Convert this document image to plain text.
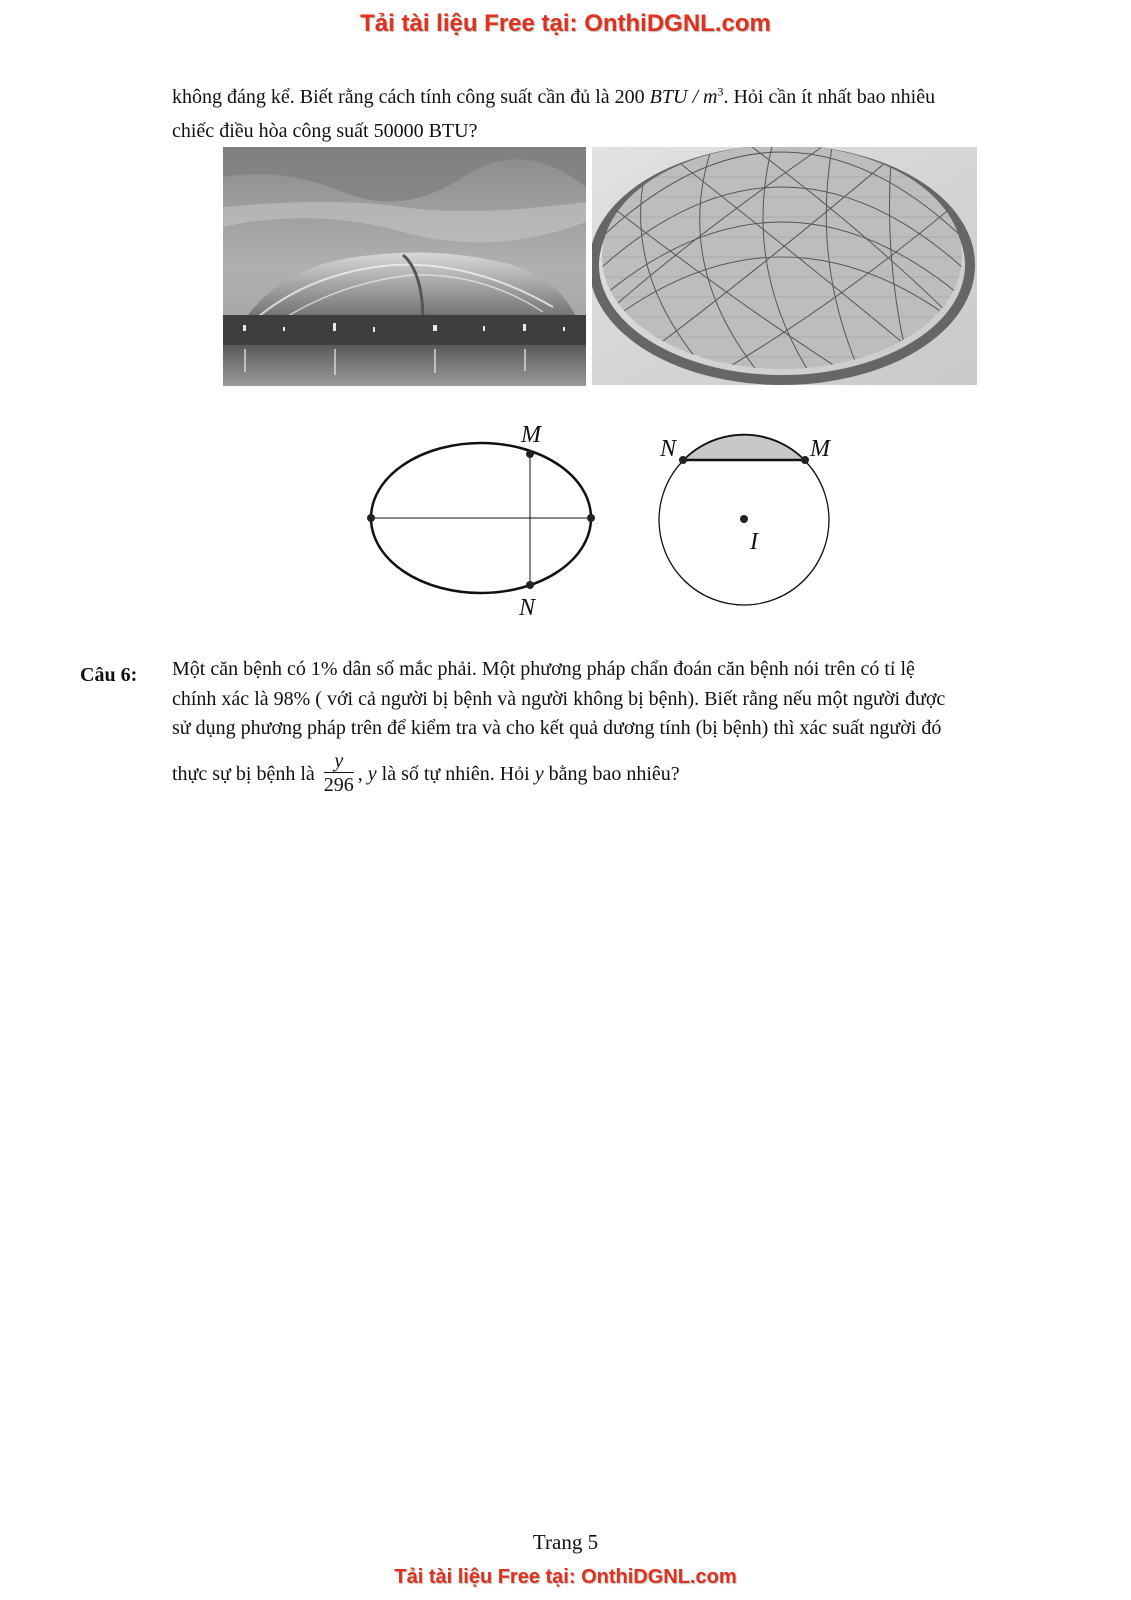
Tải tài liệu Free tại: OnthiDGNL.com
không đáng kể. Biết rằng cách tính công suất cần đủ là 200 BTU / $m^3$. Hỏi cần ít nhất bao nhiêu
chiếc điều hòa công suất 50000 BTU?
M
N
N	M
I
Câu 6: Một căn bệnh có 1% dân số mắc phải. Một phương pháp chẩn đoán căn bệnh nói trên có tỉ lệ
chính xác là 98% ( với cả người bị bệnh và người không bị bệnh). Biết rằng nếu một người được
sử dụng phương pháp trên để kiểm tra và cho kết quả dương tính (bị bệnh) thì xác suất người đó
thực sự bị bệnh là $\frac{y}{296}$ , y là số tự nhiên. Hỏi y bằng bao nhiêu?
Trang 5
Tải tài liệu Free tại: OnthiDGNL.com
